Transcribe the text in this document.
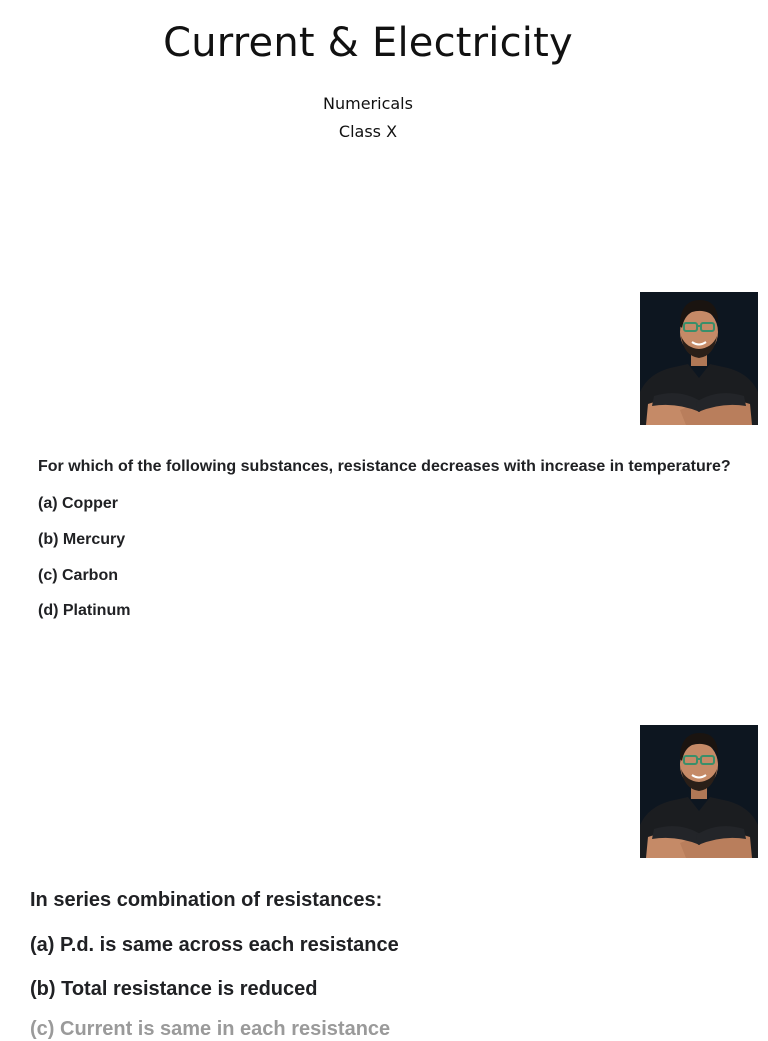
Current & Electricity
Numericals
Class X
For which of the following substances, resistance decreases with increase in temperature?
(a) Copper
(b) Mercury
(c) Carbon
(d) Platinum
In series combination of resistances:
(a) P.d. is same across each resistance
(b) Total resistance is reduced
(c) Current is same in each resistance
